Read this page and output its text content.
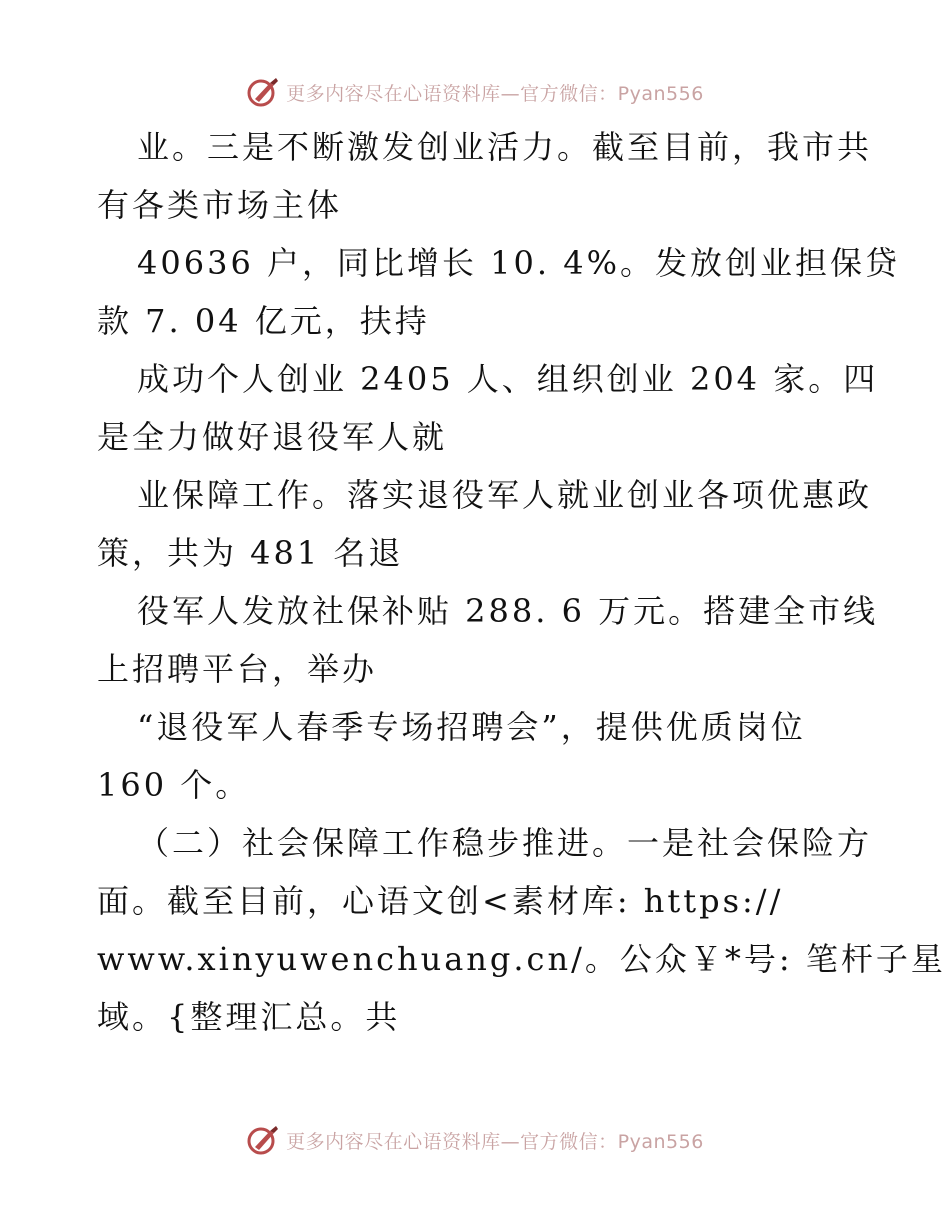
更多内容尽在心语资料库—官方微信：Pyan556
业。三是不断激发创业活力。截至目前，我市共
有各类市场主体
40636 户，同比增长 10. 4%。发放创业担保贷
款 7. 04 亿元，扶持
成功个人创业 2405 人、组织创业 204 家。四
是全力做好退役军人就
业保障工作。落实退役军人就业创业各项优惠政
策，共为 481 名退
役军人发放社保补贴 288. 6 万元。搭建全市线
上招聘平台，举办
“退役军人春季专场招聘会”，提供优质岗位
160 个。
（二）社会保障工作稳步推进。一是社会保险方
面。截至目前，心语文创<素材库: https://
www.xinyuwenchuang.cn/。公众￥*号: 笔杆子星
域。{整理汇总。共
更多内容尽在心语资料库—官方微信：Pyan556
